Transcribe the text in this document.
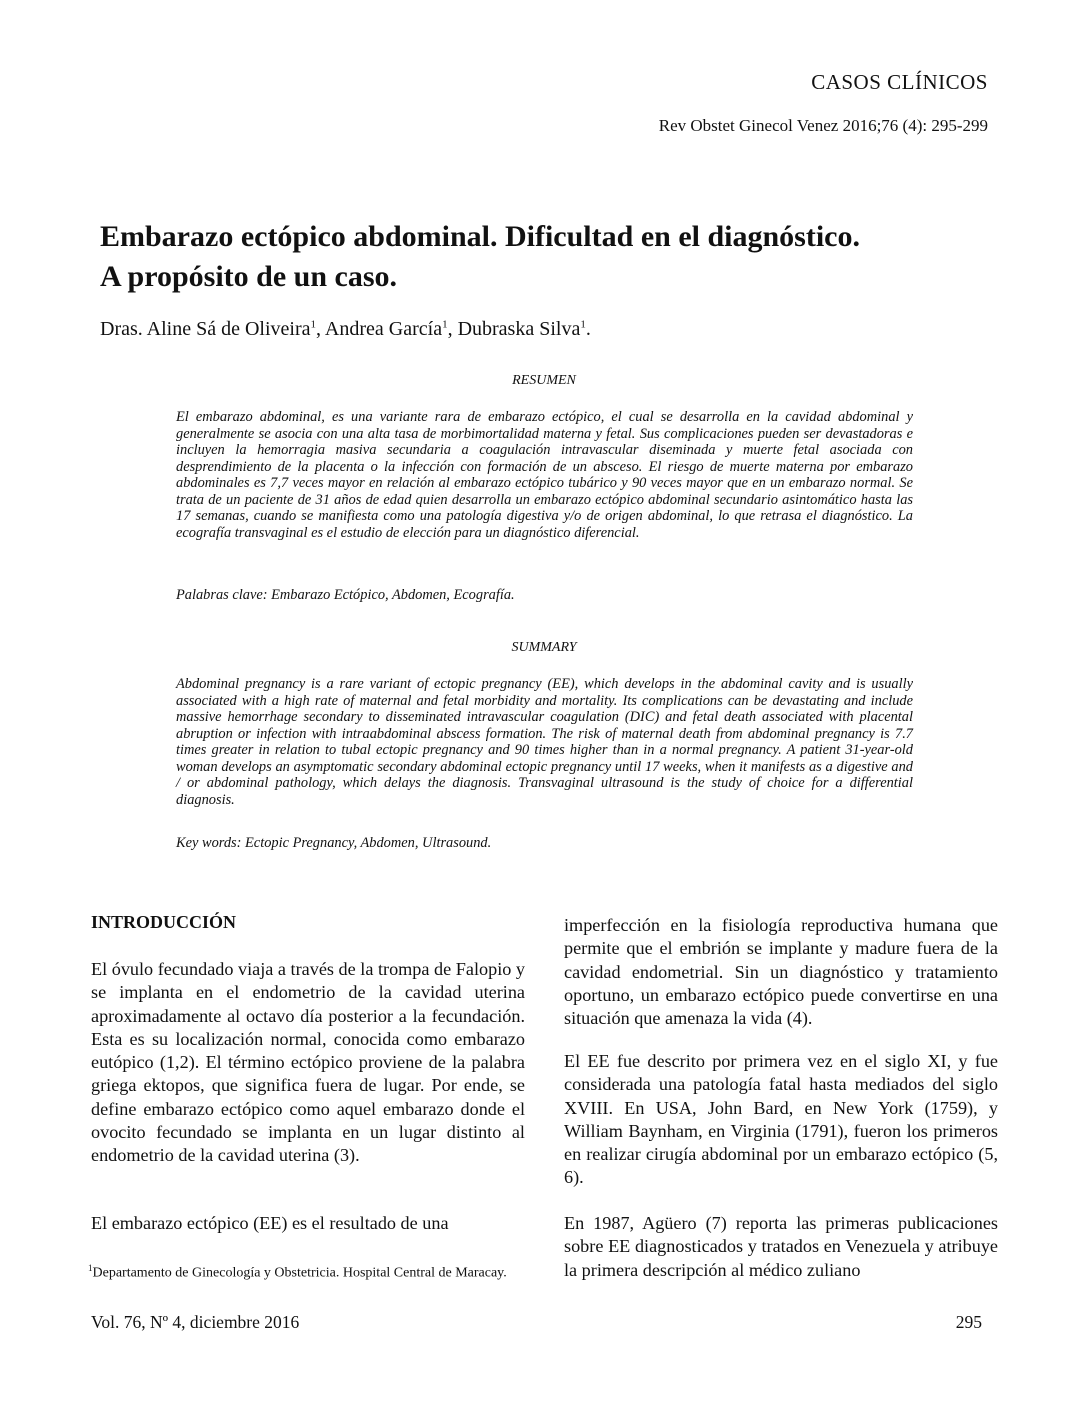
CASOS CLÍNICOS
Rev Obstet Ginecol Venez 2016;76 (4): 295-299
Embarazo ectópico abdominal. Dificultad en el diagnóstico.
A propósito de un caso.
Dras. Aline Sá de Oliveira$^1$, Andrea García$^1$, Dubraska Silva$^1$.
RESUMEN
El embarazo abdominal, es una variante rara de embarazo ectópico, el cual se desarrolla en la cavidad abdominal y generalmente se asocia con una alta tasa de morbimortalidad materna y fetal. Sus complicaciones pueden ser devastadoras e incluyen la hemorragia masiva secundaria a coagulación intravascular diseminada y muerte fetal asociada con desprendimiento de la placenta o la infección con formación de un absceso. El riesgo de muerte materna por embarazo abdominales es 7,7 veces mayor en relación al embarazo ectópico tubárico y 90 veces mayor que en un embarazo normal. Se trata de un paciente de 31 años de edad quien desarrolla un embarazo ectópico abdominal secundario asintomático hasta las 17 semanas, cuando se manifiesta como una patología digestiva y/o de origen abdominal, lo que retrasa el diagnóstico. La ecografía transvaginal es el estudio de elección para un diagnóstico diferencial.
Palabras clave: Embarazo Ectópico, Abdomen, Ecografía.
SUMMARY
Abdominal pregnancy is a rare variant of ectopic pregnancy (EE), which develops in the abdominal cavity and is usually associated with a high rate of maternal and fetal morbidity and mortality. Its complications can be devastating and include massive hemorrhage secondary to disseminated intravascular coagulation (DIC) and fetal death associated with placental abruption or infection with intraabdominal abscess formation. The risk of maternal death from abdominal pregnancy is 7.7 times greater in relation to tubal ectopic pregnancy and 90 times higher than in a normal pregnancy. A patient 31-year-old woman develops an asymptomatic secondary abdominal ectopic pregnancy until 17 weeks, when it manifests as a digestive and / or abdominal pathology, which delays the diagnosis. Transvaginal ultrasound is the study of choice for a differential diagnosis.
Key words: Ectopic Pregnancy, Abdomen, Ultrasound.
INTRODUCCIÓN

El óvulo fecundado viaja a través de la trompa de Falopio y se implanta en el endometrio de la cavidad uterina aproximadamente al octavo día posterior a la fecundación. Esta es su localización normal, conocida como embarazo eutópico (1,2). El término ectópico proviene de la palabra griega ektopos, que significa fuera de lugar. Por ende, se define embarazo ectópico como aquel embarazo donde el ovocito fecundado se implanta en un lugar distinto al endometrio de la cavidad uterina (3).

El embarazo ectópico (EE) es el resultado de una

imperfección en la fisiología reproductiva humana que permite que el embrión se implante y madure fuera de la cavidad endometrial. Sin un diagnóstico y tratamiento oportuno, un embarazo ectópico puede convertirse en una situación que amenaza la vida (4).

El EE fue descrito por primera vez en el siglo XI, y fue considerada una patología fatal hasta mediados del siglo XVIII. En USA, John Bard, en New York (1759), y William Baynham, en Virginia (1791), fueron los primeros en realizar cirugía abdominal por un embarazo ectópico (5, 6).

En 1987, Agüero (7) reporta las primeras publicaciones sobre EE diagnosticados y tratados en Venezuela y atribuye la primera descripción al médico zuliano

$^1$Departamento de Ginecología y Obstetricia. Hospital Central de Maracay.
Vol. 76, Nº 4, diciembre 2016	295
